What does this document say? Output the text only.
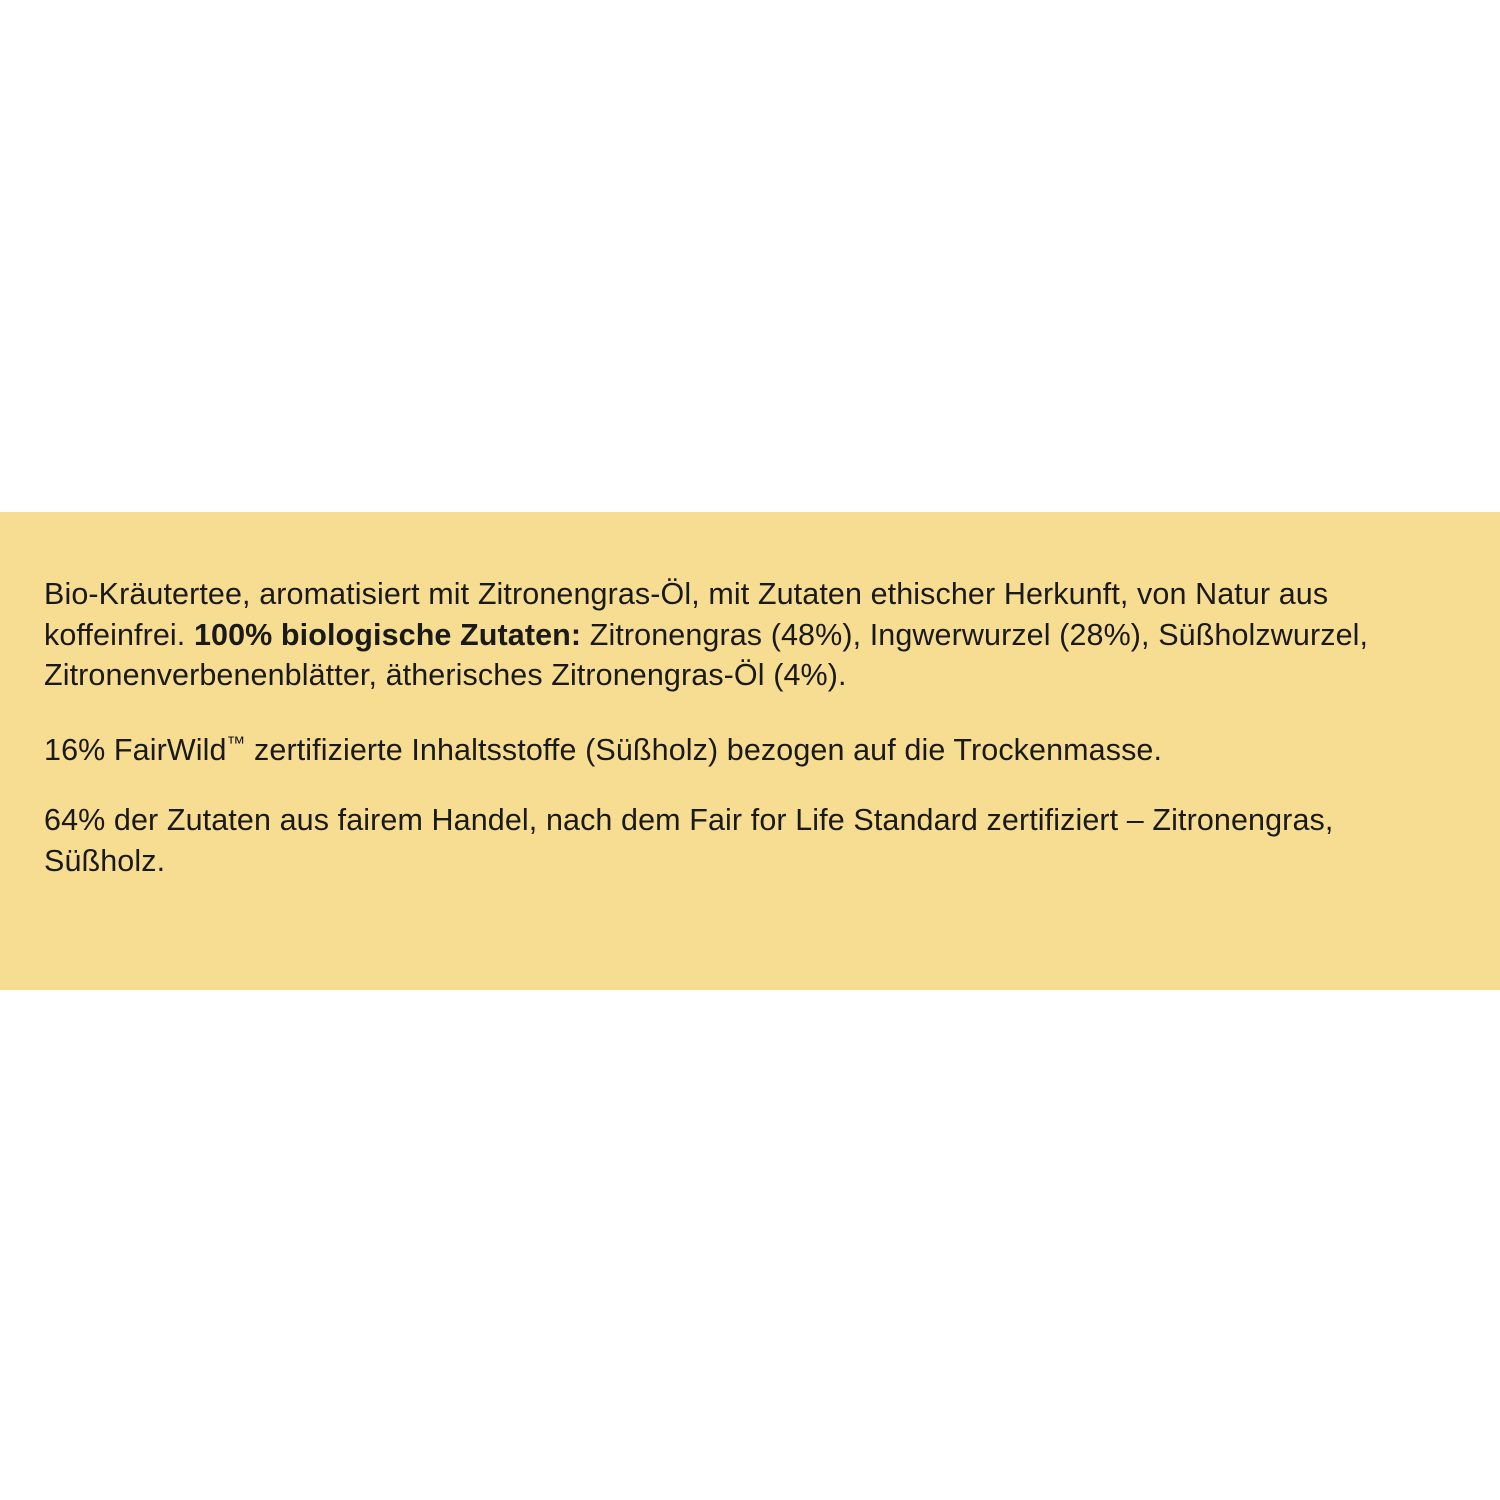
Bio-Kräutertee, aromatisiert mit Zitronengras-Öl, mit Zutaten ethischer Herkunft, von Natur aus koffeinfrei. 100% biologische Zutaten: Zitronengras (48%), Ingwerwurzel (28%), Süßholzwurzel, Zitronenverbenenblätter, ätherisches Zitronengras-Öl (4%).

16% FairWild™ zertifizierte Inhaltsstoffe (Süßholz) bezogen auf die Trockenmasse.

64% der Zutaten aus fairem Handel, nach dem Fair for Life Standard zertifiziert – Zitronengras, Süßholz.
